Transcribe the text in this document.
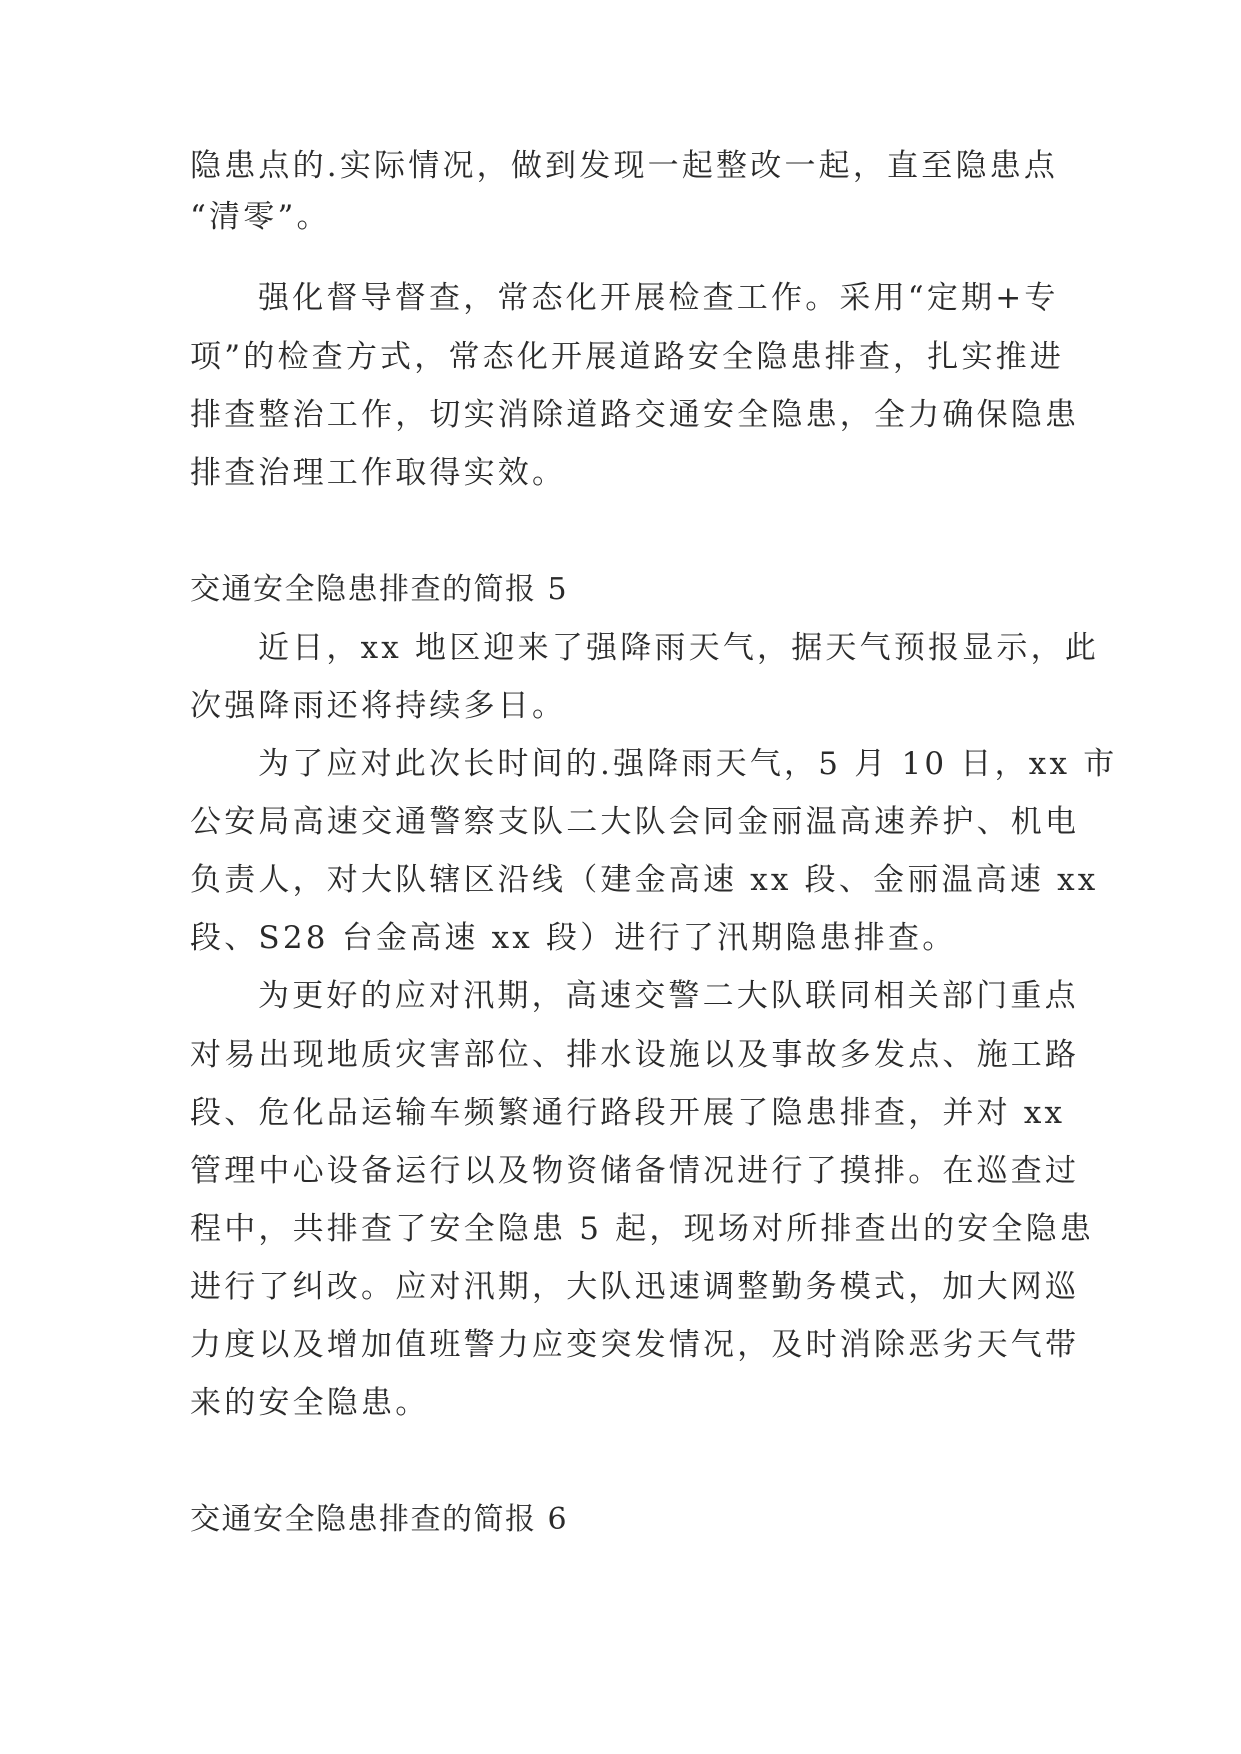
隐患点的.实际情况，做到发现一起整改一起，直至隐患点
“清零”。
强化督导督查，常态化开展检查工作。采用“定期+专
项”的检查方式，常态化开展道路安全隐患排查，扎实推进
排查整治工作，切实消除道路交通安全隐患，全力确保隐患
排查治理工作取得实效。
交通安全隐患排查的简报 5
近日，xx 地区迎来了强降雨天气，据天气预报显示，此
次强降雨还将持续多日。
为了应对此次长时间的.强降雨天气，5 月 10 日，xx 市
公安局高速交通警察支队二大队会同金丽温高速养护、机电
负责人，对大队辖区沿线（建金高速 xx 段、金丽温高速 xx
段、S28 台金高速 xx 段）进行了汛期隐患排查。
为更好的应对汛期，高速交警二大队联同相关部门重点
对易出现地质灾害部位、排水设施以及事故多发点、施工路
段、危化品运输车频繁通行路段开展了隐患排查，并对 xx
管理中心设备运行以及物资储备情况进行了摸排。在巡查过
程中，共排查了安全隐患 5 起，现场对所排查出的安全隐患
进行了纠改。应对汛期，大队迅速调整勤务模式，加大网巡
力度以及增加值班警力应变突发情况，及时消除恶劣天气带
来的安全隐患。
交通安全隐患排查的简报 6
